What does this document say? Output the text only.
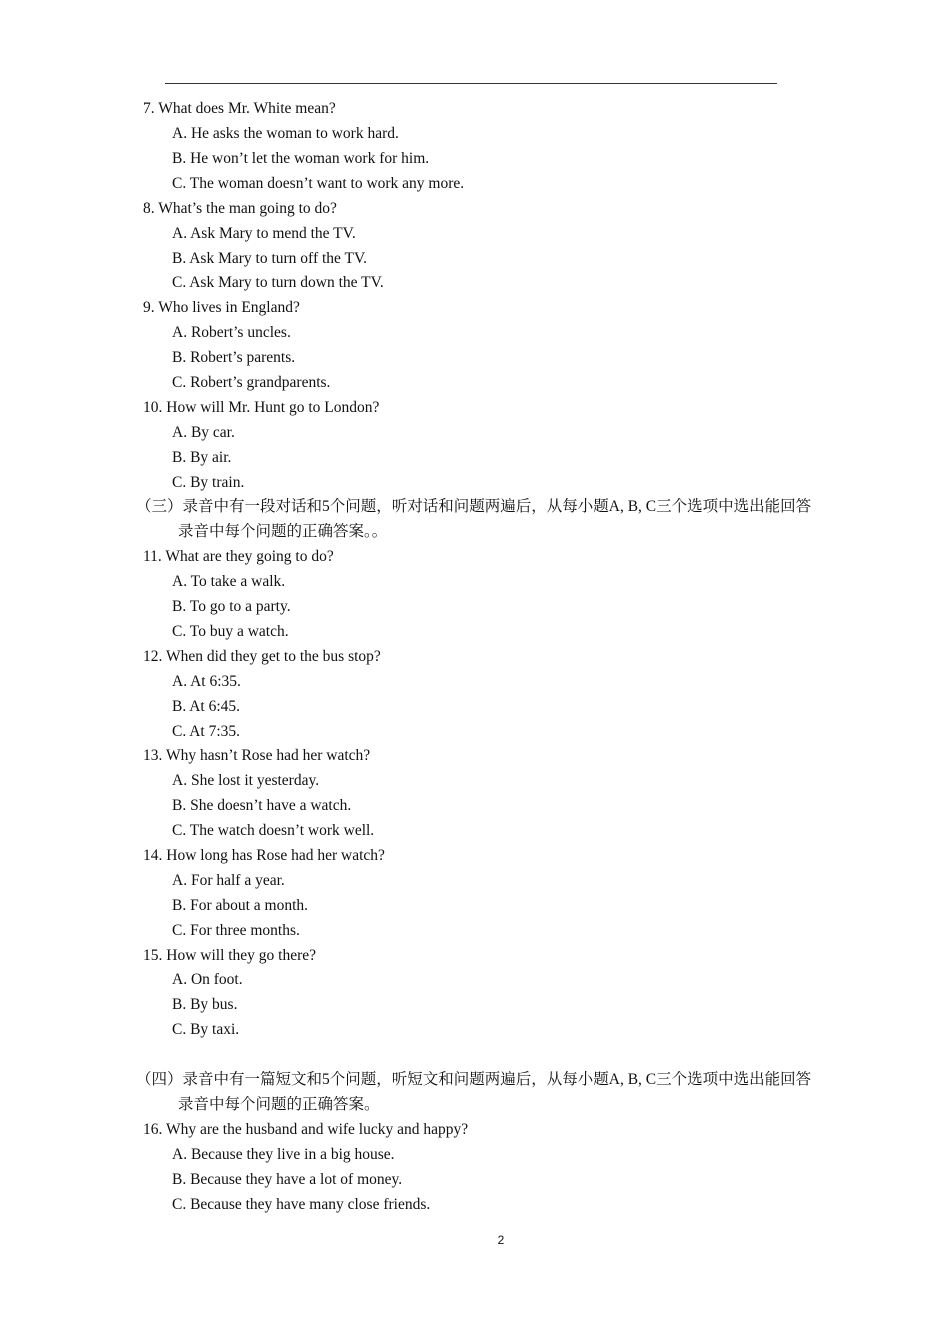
7. What does Mr. White mean?
A. He asks the woman to work hard.
B. He won’t let the woman work for him.
C. The woman doesn’t want to work any more.
8. What’s the man going to do?
A. Ask Mary to mend the TV.
B. Ask Mary to turn off the TV.
C. Ask Mary to turn down the TV.
9. Who lives in England?
A. Robert’s uncles.
B. Robert’s parents.
C. Robert’s grandparents.
10. How will Mr. Hunt go to London?
A. By car.
B. By air.
C. By train.
（三）录音中有一段对话和5个问题，听对话和问题两遍后，从每小题A, B, C三个选项中选出能回答
录音中每个问题的正确答案。。
11. What are they going to do?
A. To take a walk.
B. To go to a party.
C. To buy a watch.
12. When did they get to the bus stop?
A. At 6:35.
B. At 6:45.
C. At 7:35.
13. Why hasn’t Rose had her watch?
A. She lost it yesterday.
B. She doesn’t have a watch.
C. The watch doesn’t work well.
14. How long has Rose had her watch?
A. For half a year.
B. For about a month.
C. For three months.
15. How will they go there?
A. On foot.
B. By bus.
C. By taxi.
（四）录音中有一篇短文和5个问题，听短文和问题两遍后，从每小题A, B, C三个选项中选出能回答
录音中每个问题的正确答案。
16. Why are the husband and wife lucky and happy?
A. Because they live in a big house.
B. Because they have a lot of money.
C. Because they have many close friends.
2
